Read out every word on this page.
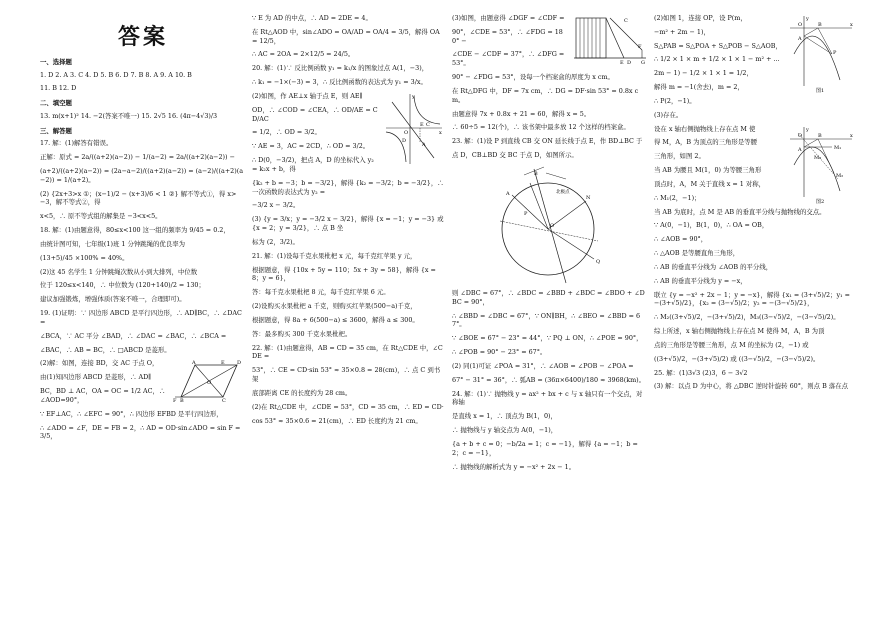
答案
一、选择题
1. D 2. A 3. C 4. D 5. B 6. D 7. B 8. A 9. A 10. B
11. B 12. D
二、填空题
13. m(x+1)² 14. −2(答案不唯一) 15. 2√5 16. (4π−4√3)/3
三、解答题
17. 解：(1)解答有错误。
正解：原式 = 2a/((a+2)(a−2)) − 1/(a−2) = 2a/((a+2)(a−2)) −
(a+2)/((a+2)(a−2)) = (2a−a−2)/((a+2)(a−2)) = (a−2)/((a+2)(a−2)) = 1/(a+2)。
(2) {2x+3>x ①；(x−1)/2 − (x+3)/6 < 1 ②} 解不等式①，得 x>−3，解不等式②，得
x<5，∴ 原不等式组的解集是 −3<x<5。
18. 解：(1)由题意得，80≤x<100 这一组的频率为 9/45 = 0.2，
由统计图可知，七年级(1)班 1 分钟跳绳的优良率为
(13+5)/45 ×100% = 40%。
(2)这 45 名学生 1 分钟跳绳次数从小到大排列，中位数
位于 120≤x<140，∴ 中位数为 (120+140)/2 = 130；
建议加强锻炼，增强体质(答案不唯一，合理即可)。
19. (1)证明：∵ 四边形 ABCD 是平行四边形，∴ AD∥BC，∴ ∠DAC =
∠BCA，∵ AC 平分 ∠BAD，∴ ∠DAC = ∠BAC，∴ ∠BCA =
∠BAC，∴ AB = BC，∴ □ABCD 是菱形。
A	D
E
F B	C
O
(2)解：如图，连接 BD，交 AC 于点 O，
由(1)知四边形 ABCD 是菱形，∴ AD∥
BC，BD ⊥ AC，OA = OC = 1/2 AC，∴ ∠AOD=90°，
∵ EF⊥AC，∴ ∠EFC = 90°，∴ 四边形 EFBD 是平行四边形，
∴ ∠ADO = ∠F，DE = FB = 2，∴ AD = OD·sin∠ADO = sin F = 3/5，
∵ E 为 AD 的中点，∴ AD = 2DE = 4。
在 Rt△AOD 中，sin∠ADO = OA/AD = OA/4 = 3/5，解得 OA = 12/5，
∴ AC = 2OA = 2×12/5 = 24/5。
20. 解：(1)∵ 反比例函数 y₁ = k₁/x 的图象过点 A(1，−3)，
∴ k₁ = −1×(−3) = 3，∴ 反比例函数的表达式为 y₁ = 3/x。
x
y
O
A
E C
D
(2)如图，作 AE⊥x 轴于点 E，则 AE∥
OD，∴ ∠COD = ∠CEA，∴ OD/AE = CD/AC
= 1/2，∴ OD = 3/2。
∵ AE = 3，AC = 2CD，∴ OD = 3/2。
∴ D(0，−3/2)，把点 A，D 的坐标代入 y₂ = k₂x + b，得
{k₂ + b = −3；b = −3/2}，解得 {k₂ = −3/2；b = −3/2}，∴ 一次函数的表达式为 y₂ =
−3/2 x − 3/2。
(3) {y = 3/x；y = −3/2 x − 3/2}，解得 {x = −1；y = −3} 或 {x = 2；y = 3/2}，∴ 点 B 坐
标为 (2，3/2)。
21. 解：(1)设每千克水果枇杷 x 元，每千克红苹果 y 元，
根据题意，得 {10x + 5y = 110；5x + 3y = 58}，解得 {x = 8；y = 6}，
答：每千克水果枇杷 8 元，每千克红苹果 6 元。
(2)设购买水果枇杷 a 千克，则购买红苹果(500−a)千克，
根据题意，得 8a + 6(500−a) ≤ 3600，解得 a ≤ 300。
答：最多购买 300 千克水果枇杷。
22. 解：(1)由题意得，AB = CD = 35 cm，在 Rt△CDE 中，∠CDE =
53°，∴ CE = CD·sin 53° ≈ 35×0.8 = 28(cm)，∴ 点 C 到书架
底部距离 CE 的长度约为 28 cm。
(2)在 Rt△CDE 中，∠CDE = 53°，CD = 35 cm，∴ ED = CD·
cos 53° ≈ 35×0.6 = 21(cm)，∴ ED 长度约为 21 cm。
C
F
E D G
(3)如图，由题意得 ∠DGF = ∠CDF =
90°，∠CDE = 53°，∴ ∠FDG = 180° −
∠CDE − ∠CDF = 37°，∴ ∠DFG = 53°。
90° − ∠FDG = 53°，设每一个档案盒的厚度为 x cm。
在 Rt△DFG 中，DF = 7x cm，∴ DG = DF·sin 53° = 0.8x cm。
由题意得 7x + 0.8x + 21 = 60，解得 x = 5。
∴ 60÷5 = 12(个)，∴ 该书架中最多放 12 个这样的档案盒。
23. 解：(1)设 P 到直线 CB 交 ON 延长线于点 E，作 BD⊥BC 于
点 D，CB⊥BD 交 BC 于点 D，如图所示。
B
A
O
Q
N
P
北极点
则 ∠DBC = 67°，∴ ∠BDC = ∠BBD + ∠BDC = ∠BDO + ∠DBC = 90°，
∴ ∠BBD = ∠DBC = 67°，∵ ON∥BH，∴ ∠BEO = ∠BBD = 67°。
∵ ∠BOE = 67° − 23° = 44°，∵ PQ ⊥ ON，∴ ∠POE = 90°，
∴ ∠POB = 90° − 23° = 67°。
(2) 同(1)可证 ∠POA = 31°，∴ ∠AOB = ∠POB − ∠POA =
67° − 31° = 36°，∴ 弧AB = (36π×6400)/180 ≈ 3968(km)。
24. 解：(1)∵ 抛物线 y = ax² + bx + c 与 x 轴只有一个交点，对称轴
是直线 x = 1，∴ 顶点为 B(1，0)，
∴ 抛物线与 y 轴交点为 A(0，−1)，
{a + b + c = 0；−b/2a = 1；c = −1}，解得 {a = −1；b = 2；c = −1}，
∴ 抛物线的解析式为 y = −x² + 2x − 1。
O	x
y
A
B
P
图1
(2)如图 1，连接 OP，设 P(m，
−m² + 2m − 1)，
S△PAB = S△POA + S△POB − S△AOB，
∴ 1/2 × 1 × m + 1/2 × 1 × 1 − m² + ...
2m − 1) − 1/2 × 1 × 1 = 1/2，
解得 m = −1(舍去)，m = 2，
∴ P(2，−1)。
(3)存在。
O	x
y
A
B
M₁
M₂
M₃
图2
设在 x 轴右侧抛物线上存在点 M 使
得 M，A，B 为顶点的三角形是等腰
三角形，如图 2。
当 AB 为腰且 M(1，0) 为等腰三角形
顶点时，A，M 关于直线 x = 1 对称，
∴ M₁(2，−1)；
当 AB 为底时，点 M 是 AB 的垂直平分线与抛物线的交点。
∵ A(0，−1)，B(1，0)，∴ OA = OB，
∴ ∠AOB = 90°，
∴ △AOB 是等腰直角三角形，
∴ AB 的垂直平分线为 ∠AOB 的平分线，
∴ AB 的垂直平分线为 y = −x，
联立 {y = −x² + 2x − 1；y = −x}，解得 {x₁ = (3+√5)/2；y₁ = −(3+√5)/2}，{x₂ = (3−√5)/2；y₂ = −(3−√5)/2}，
∴ M₂((3+√5)/2，−(3+√5)/2)，M₃((3−√5)/2，−(3−√5)/2)。
综上所述，x 轴右侧抛物线上存在点 M 使得 M，A，B 为顶
点的三角形是等腰三角形，点 M 的坐标为 (2，−1) 或
((3+√5)/2，−(3+√5)/2) 或 ((3−√5)/2，−(3−√5)/2)。
25. 解：(1)3√3 (2)3，6 − 3√2
(3) 解：以点 D 为中心，将 △DBC 逆时针旋转 60°，则点 B 落在点
